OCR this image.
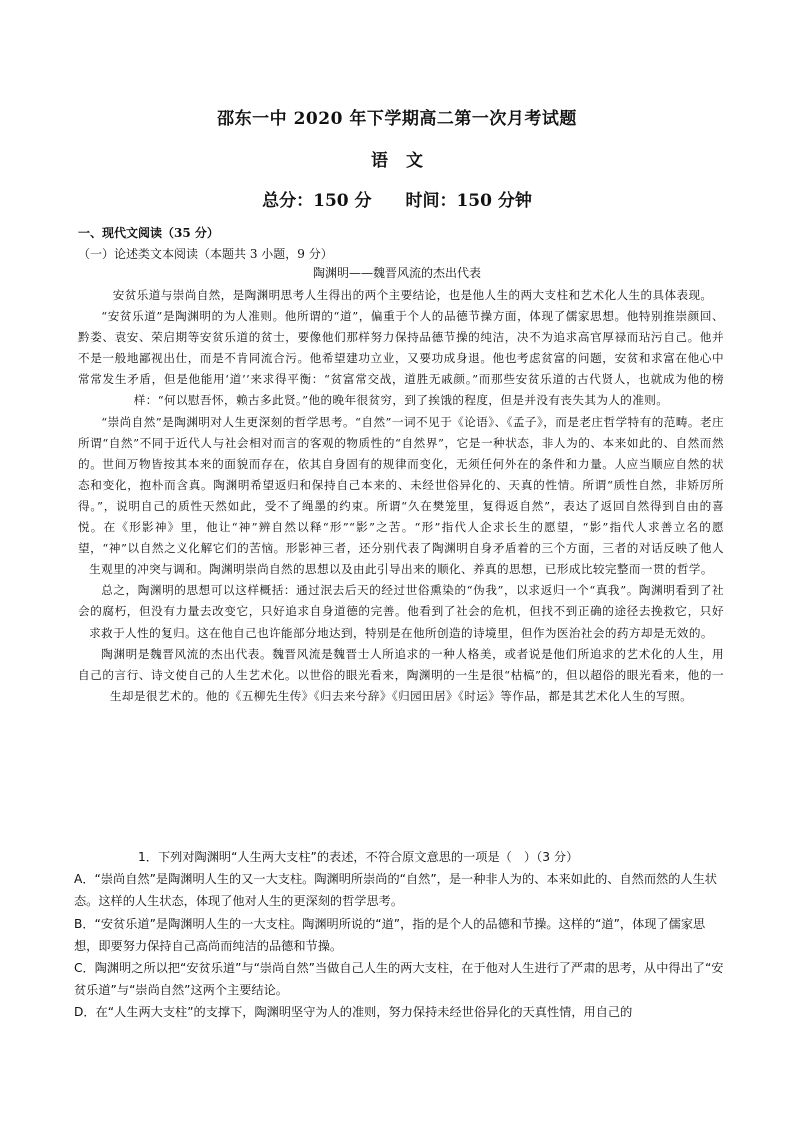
邵东一中 2020 年下学期高二第一次月考试题
语文
总分：150 分 时间：150 分钟
一、现代文阅读（35 分）
（一）论述类文本阅读（本题共 3 小题，9 分）
陶渊明——魏晋风流的杰出代表

安贫乐道与崇尚自然，是陶渊明思考人生得出的两个主要结论，也是他人生的两大支柱和艺术化人生的具体表现。

“安贫乐道”是陶渊明的为人准则。他所谓的“道”，偏重于个人的品德节操方面，体现了儒家思想。他特别推崇颜回、黔娄、袁安、荣启期等安贫乐道的贫士，要像他们那样努力保持品德节操的纯洁，决不为追求高官厚禄而玷污自己。他并不是一般地鄙视出仕，而是不肯同流合污。他希望建功立业，又要功成身退。他也考虑贫富的问题，安贫和求富在他心中常常发生矛盾，但是他能用‘道’’来求得平衡：“贫富常交战，道胜无戚颜。”而那些安贫乐道的古代贤人，也就成为他的榜样：“何以慰吾怀，赖古多此贤。”他的晚年很贫穷，到了挨饿的程度，但是并没有丧失其为人的准则。

“崇尚自然”是陶渊明对人生更深刻的哲学思考。“自然”一词不见于《论语》、《孟子》，而是老庄哲学特有的范畴。老庄所谓“自然”不同于近代人与社会相对而言的客观的物质性的“自然界”，它是一种状态，非人为的、本来如此的、自然而然的。世间万物皆按其本来的面貌而存在，依其自身固有的规律而变化，无须任何外在的条件和力量。人应当顺应自然的状态和变化，抱朴而含真。陶渊明希望返归和保持自己本来的、未经世俗异化的、天真的性情。所谓“质性自然，非矫厉所得。”，说明自己的质性天然如此，受不了绳墨的约束。所谓“久在樊笼里，复得返自然”，表达了返回自然得到自由的喜悦。在《形影神》里，他让“神”辨自然以释“形”“影”之苦。“形”指代人企求长生的愿望，“影”指代人求善立名的愿望，“神”以自然之义化解它们的苦恼。形影神三者，还分别代表了陶渊明自身矛盾着的三个方面，三者的对话反映了他人生观里的冲突与调和。陶渊明崇尚自然的思想以及由此引导出来的顺化、养真的思想，已形成比较完整而一贯的哲学。

总之，陶渊明的思想可以这样概括：通过泯去后天的经过世俗熏染的“伪我”，以求返归一个“真我”。陶渊明看到了社会的腐朽，但没有力量去改变它，只好追求自身道德的完善。他看到了社会的危机，但找不到正确的途径去挽救它，只好求救于人性的复归。这在他自己也许能部分地达到，特别是在他所创造的诗境里，但作为医治社会的药方却是无效的。

陶渊明是魏晋风流的杰出代表。魏晋风流是魏晋士人所追求的一种人格美，或者说是他们所追求的艺术化的人生，用自己的言行、诗文使自己的人生艺术化。以世俗的眼光看来，陶渊明的一生是很“枯槁”的，但以超俗的眼光看来，他的一生却是很艺术的。他的《五柳先生传》《归去来兮辞》《归园田居》《时运》等作品，都是其艺术化人生的写照。

1．下列对陶渊明“人生两大支柱”的表述，不符合原文意思的一项是（　）（3 分）
A．“崇尚自然”是陶渊明人生的又一大支柱。陶渊明所崇尚的“自然”，是一种非人为的、本来如此的、自然而然的人生状态。这样的人生状态，体现了他对人生的更深刻的哲学思考。
B．“安贫乐道”是陶渊明人生的一大支柱。陶渊明所说的“道”，指的是个人的品德和节操。这样的“道”，体现了儒家思想，即要努力保持自己高尚而纯洁的品德和节操。
C．陶渊明之所以把“安贫乐道”与“崇尚自然”当做自己人生的两大支柱，在于他对人生进行了严肃的思考，从中得出了“安贫乐道”与“崇尚自然”这两个主要结论。
D．在“人生两大支柱”的支撑下，陶渊明坚守为人的准则，努力保持未经世俗异化的天真性情，用自己的
